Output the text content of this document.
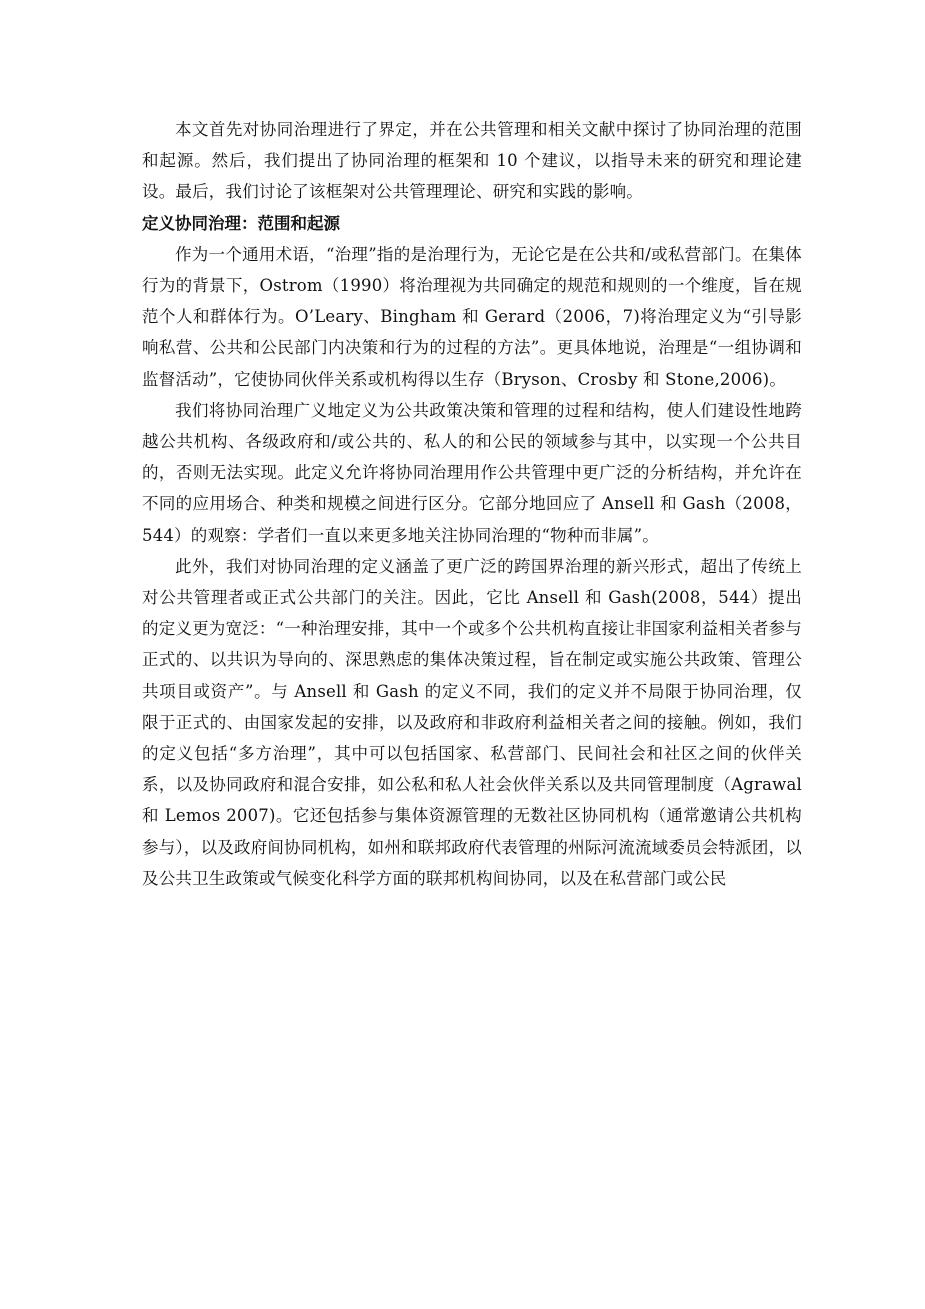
本文首先对协同治理进行了界定，并在公共管理和相关文献中探讨了协同治理的范围和起源。然后，我们提出了协同治理的框架和 10 个建议，以指导未来的研究和理论建设。最后，我们讨论了该框架对公共管理理论、研究和实践的影响。

定义协同治理：范围和起源

作为一个通用术语，“治理”指的是治理行为，无论它是在公共和/或私营部门。在集体行为的背景下，Ostrom（1990）将治理视为共同确定的规范和规则的一个维度，旨在规范个人和群体行为。O’Leary、Bingham 和 Gerard（2006，7)将治理定义为“引导影响私营、公共和公民部门内决策和行为的过程的方法”。更具体地说，治理是“一组协调和监督活动”，它使协同伙伴关系或机构得以生存（Bryson、Crosby 和 Stone,2006)。

我们将协同治理广义地定义为公共政策决策和管理的过程和结构，使人们建设性地跨越公共机构、各级政府和/或公共的、私人的和公民的领域参与其中，以实现一个公共目的，否则无法实现。此定义允许将协同治理用作公共管理中更广泛的分析结构，并允许在不同的应用场合、种类和规模之间进行区分。它部分地回应了 Ansell 和 Gash（2008，544）的观察：学者们一直以来更多地关注协同治理的“物种而非属”。

此外，我们对协同治理的定义涵盖了更广泛的跨国界治理的新兴形式，超出了传统上对公共管理者或正式公共部门的关注。因此，它比 Ansell 和 Gash(2008，544）提出的定义更为宽泛：“一种治理安排，其中一个或多个公共机构直接让非国家利益相关者参与正式的、以共识为导向的、深思熟虑的集体决策过程，旨在制定或实施公共政策、管理公共项目或资产”。与 Ansell 和 Gash 的定义不同，我们的定义并不局限于协同治理，仅限于正式的、由国家发起的安排，以及政府和非政府利益相关者之间的接触。例如，我们的定义包括“多方治理”，其中可以包括国家、私营部门、民间社会和社区之间的伙伴关系，以及协同政府和混合安排，如公私和私人社会伙伴关系以及共同管理制度（Agrawal 和 Lemos 2007)。它还包括参与集体资源管理的无数社区协同机构（通常邀请公共机构参与），以及政府间协同机构，如州和联邦政府代表管理的州际河流流域委员会特派团，以及公共卫生政策或气候变化科学方面的联邦机构间协同，以及在私营部门或公民
